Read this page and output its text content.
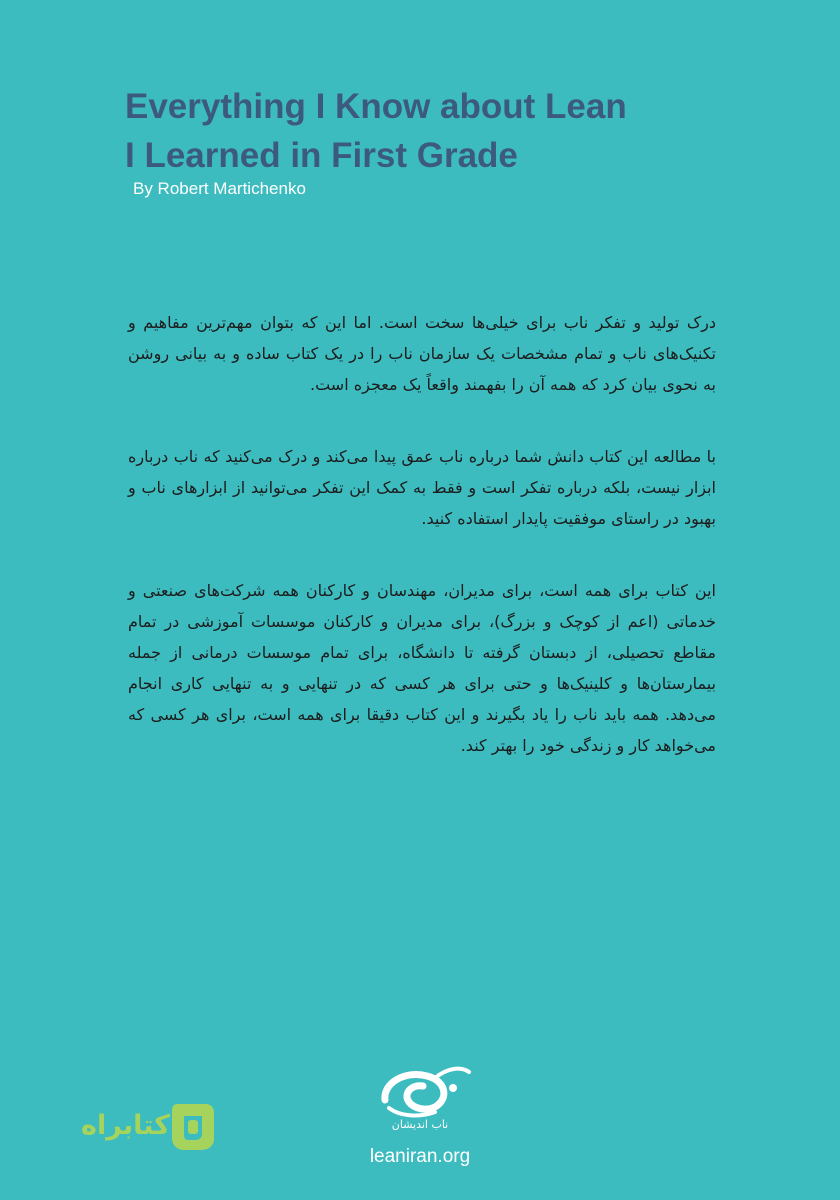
Everything I Know about Lean
I Learned in First Grade
By Robert Martichenko

درک تولید و تفکر ناب برای خیلی‌ها سخت است. اما این که بتوان مهم‌ترین مفاهیم و تکنیک‌های ناب و تمام مشخصات یک سازمان ناب را در یک کتاب ساده و به بیانی روشن به نحوی بیان کرد که همه آن را بفهمند واقعاً یک معجزه است.

با مطالعه این کتاب دانش شما درباره ناب عمق پیدا می‌کند و درک می‌کنید که ناب درباره ابزار نیست، بلکه درباره تفکر است و فقط به کمک این تفکر می‌توانید از ابزارهای ناب و بهبود در راستای موفقیت پایدار استفاده کنید.

این کتاب برای همه است، برای مدیران، مهندسان و کارکنان همه شرکت‌های صنعتی و خدماتی (اعم از کوچک و بزرگ)، برای مدیران و کارکنان موسسات آموزشی در تمام مقاطع تحصیلی، از دبستان گرفته تا دانشگاه، برای تمام موسسات درمانی از جمله بیمارستان‌ها و کلینیک‌ها و حتی برای هر کسی که در تنهایی و به تنهایی کاری انجام می‌دهد. همه باید ناب را یاد بگیرند و این کتاب دقیقا برای همه است، برای هر کسی که می‌خواهد کار و زندگی خود را بهتر کند.

ناب اندیشان
leaniran.org
کتابراه
